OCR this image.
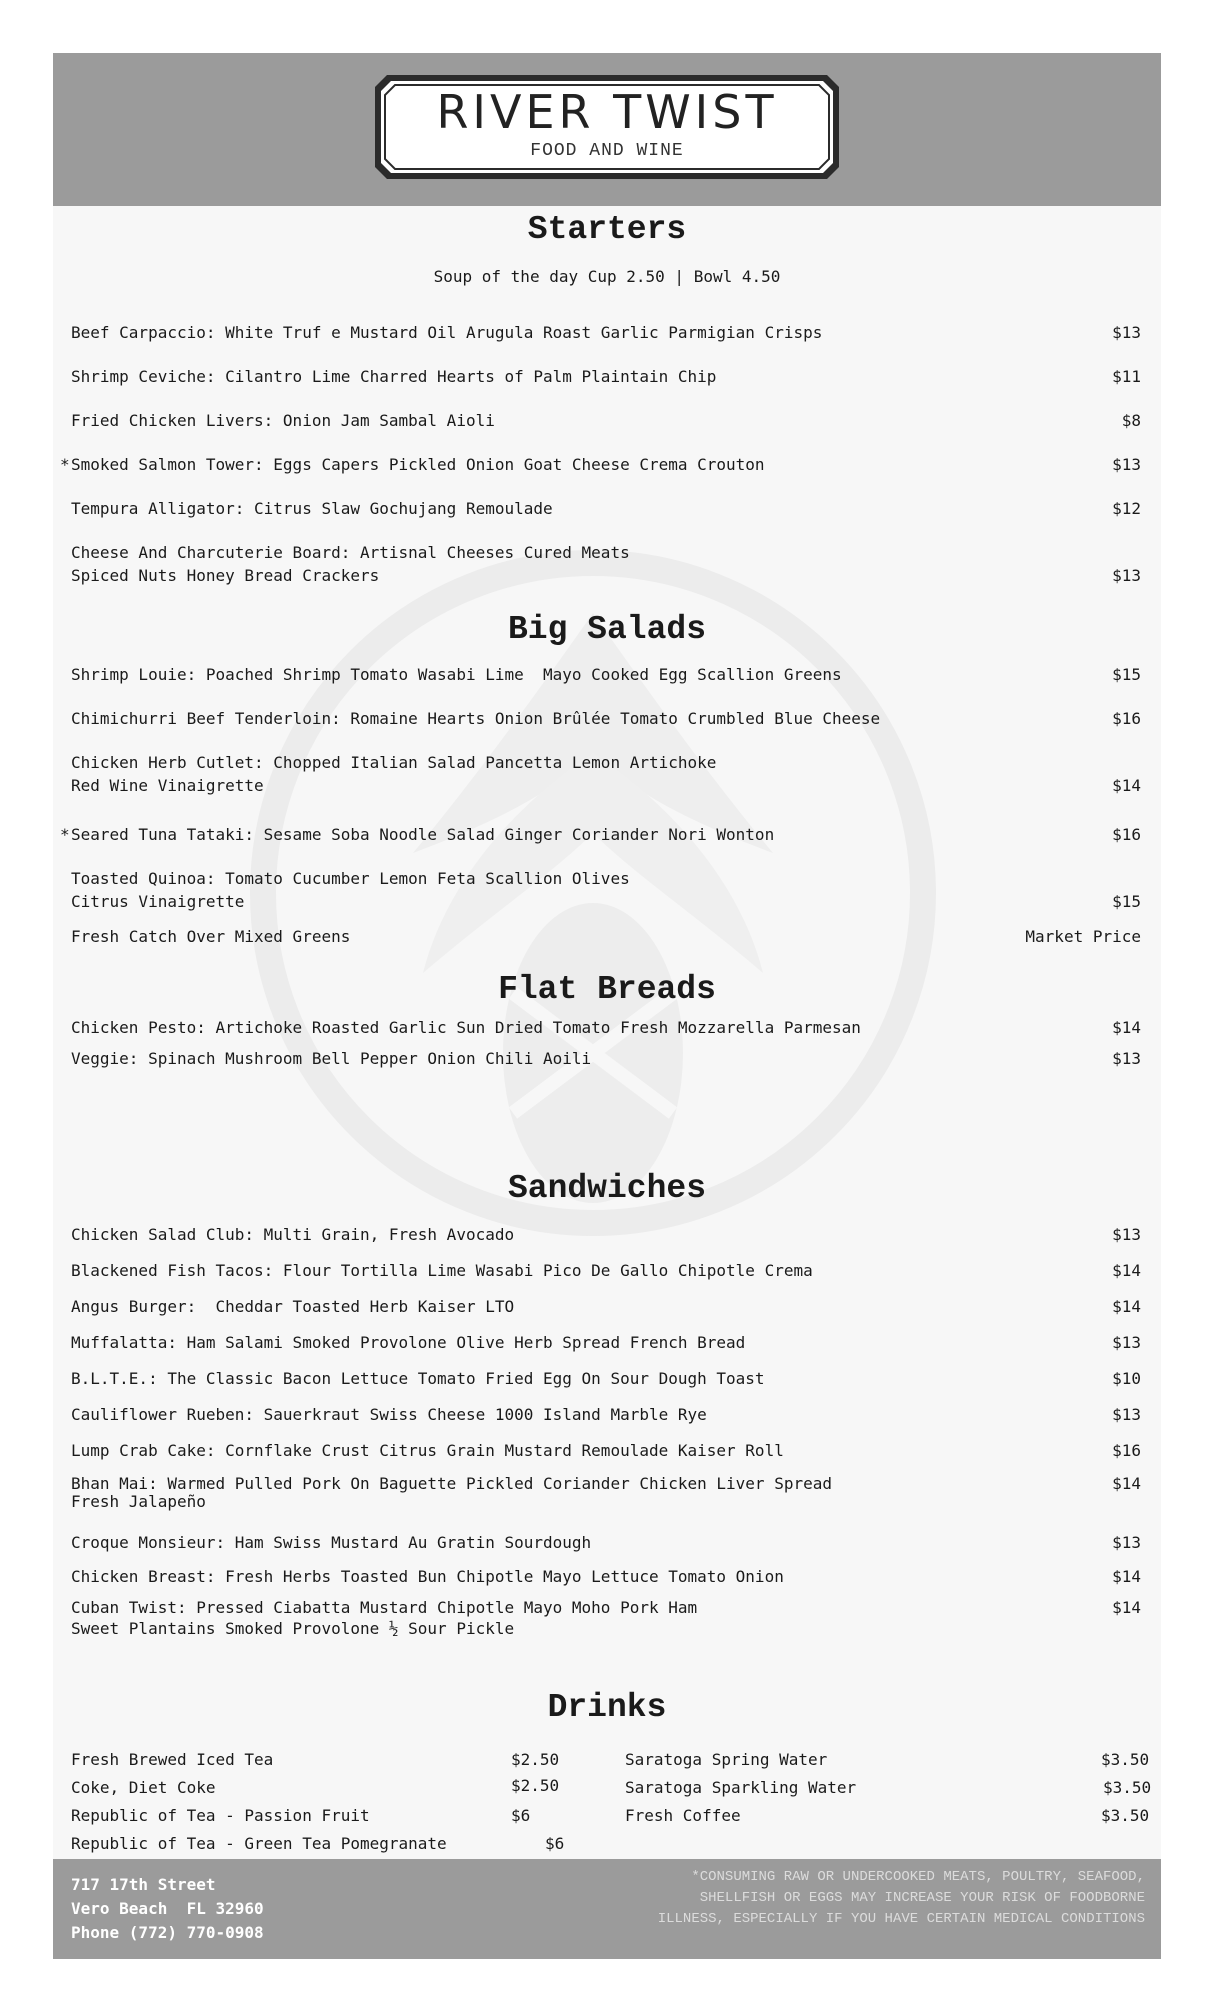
RIVER TWIST
FOOD AND WINE
Starters
Soup of the day Cup 2.50 | Bowl 4.50
Beef Carpaccio: White Truf e Mustard Oil Arugula Roast Garlic Parmigian Crisps	$13
Shrimp Ceviche: Cilantro Lime Charred Hearts of Palm Plaintain Chip	$11
Fried Chicken Livers: Onion Jam Sambal Aioli	$8
* Smoked Salmon Tower: Eggs Capers Pickled Onion Goat Cheese Crema Crouton	$13
Tempura Alligator: Citrus Slaw Gochujang Remoulade	$12
Cheese And Charcuterie Board: Artisnal Cheeses Cured Meats
Spiced Nuts Honey Bread Crackers	$13
Big Salads
Shrimp Louie: Poached Shrimp Tomato Wasabi Lime  Mayo Cooked Egg Scallion Greens	$15
Chimichurri Beef Tenderloin: Romaine Hearts Onion Brûlée Tomato Crumbled Blue Cheese	$16
Chicken Herb Cutlet: Chopped Italian Salad Pancetta Lemon Artichoke
Red Wine Vinaigrette	$14
* Seared Tuna Tataki: Sesame Soba Noodle Salad Ginger Coriander Nori Wonton	$16
Toasted Quinoa: Tomato Cucumber Lemon Feta Scallion Olives
Citrus Vinaigrette	$15
Fresh Catch Over Mixed Greens	Market Price
Flat Breads
Chicken Pesto: Artichoke Roasted Garlic Sun Dried Tomato Fresh Mozzarella Parmesan	$14
Veggie: Spinach Mushroom Bell Pepper Onion Chili Aoili	$13
Sandwiches
Chicken Salad Club: Multi Grain, Fresh Avocado	$13
Blackened Fish Tacos: Flour Tortilla Lime Wasabi Pico De Gallo Chipotle Crema	$14
Angus Burger:  Cheddar Toasted Herb Kaiser LTO	$14
Muffalatta: Ham Salami Smoked Provolone Olive Herb Spread French Bread	$13
B.L.T.E.: The Classic Bacon Lettuce Tomato Fried Egg On Sour Dough Toast	$10
Cauliflower Rueben: Sauerkraut Swiss Cheese 1000 Island Marble Rye	$13
Lump Crab Cake: Cornflake Crust Citrus Grain Mustard Remoulade Kaiser Roll	$16
Bhan Mai: Warmed Pulled Pork On Baguette Pickled Coriander Chicken Liver Spread
Fresh Jalapeño
$14
Croque Monsieur: Ham Swiss Mustard Au Gratin Sourdough	$13
Chicken Breast: Fresh Herbs Toasted Bun Chipotle Mayo Lettuce Tomato Onion	$14
Cuban Twist: Pressed Ciabatta Mustard Chipotle Mayo Moho Pork Ham
Sweet Plantains Smoked Provolone ½ Sour Pickle
$14
Drinks
Fresh Brewed Iced Tea	$2.50
Coke, Diet Coke	$2.50
Republic of Tea - Passion Fruit	$6
Republic of Tea - Green Tea Pomegranate	$6
Saratoga Spring Water	$3.50
Saratoga Sparkling Water	$3.50
Fresh Coffee	$3.50
717 17th Street
Vero Beach  FL 32960
Phone (772) 770-0908
*CONSUMING RAW OR UNDERCOOKED MEATS, POULTRY, SEAFOOD, SHELLFISH OR EGGS MAY INCREASE YOUR RISK OF FOODBORNE ILLNESS, ESPECIALLY IF YOU HAVE CERTAIN MEDICAL CONDITIONS
